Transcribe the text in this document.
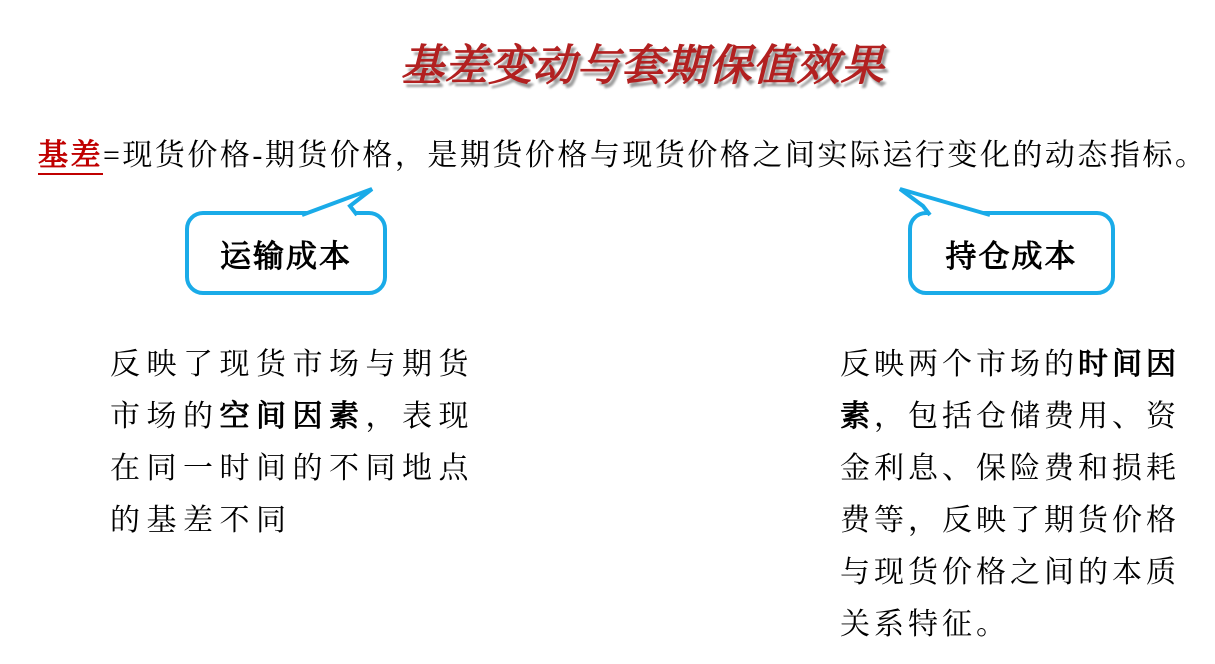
基差变动与套期保值效果
基差=现货价格-期货价格，是期货价格与现货价格之间实际运行变化的动态指标。
运输成本	持仓成本
反映了现货市场与期货
市场的空间因素，表现
在同一时间的不同地点
的基差不同
反映两个市场的时间因
素，包括仓储费用、资
金利息、保险费和损耗
费等，反映了期货价格
与现货价格之间的本质
关系特征。
